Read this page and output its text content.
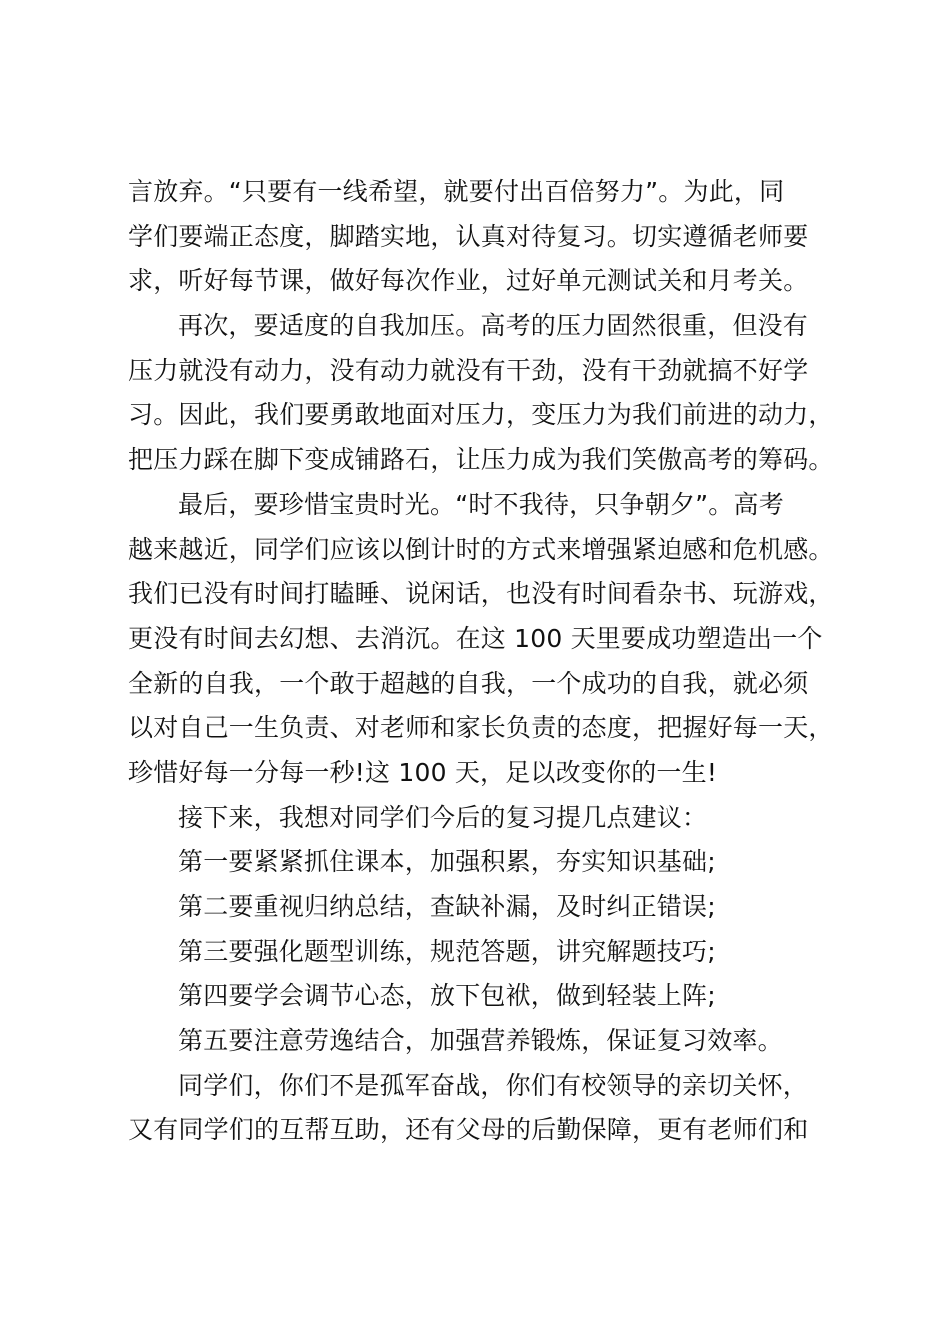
言放弃。“只要有一线希望，就要付出百倍努力”。为此，同
学们要端正态度，脚踏实地，认真对待复习。切实遵循老师要
求，听好每节课，做好每次作业，过好单元测试关和月考关。
再次，要适度的自我加压。高考的压力固然很重，但没有
压力就没有动力，没有动力就没有干劲，没有干劲就搞不好学
习。因此，我们要勇敢地面对压力，变压力为我们前进的动力，
把压力踩在脚下变成铺路石，让压力成为我们笑傲高考的筹码。
最后，要珍惜宝贵时光。“时不我待，只争朝夕”。高考
越来越近，同学们应该以倒计时的方式来增强紧迫感和危机感。
我们已没有时间打瞌睡、说闲话，也没有时间看杂书、玩游戏，
更没有时间去幻想、去消沉。在这 100 天里要成功塑造出一个
全新的自我，一个敢于超越的自我，一个成功的自我，就必须
以对自己一生负责、对老师和家长负责的态度，把握好每一天，
珍惜好每一分每一秒!这 100 天，足以改变你的一生!
接下来，我想对同学们今后的复习提几点建议：
第一要紧紧抓住课本，加强积累，夯实知识基础;
第二要重视归纳总结，查缺补漏，及时纠正错误;
第三要强化题型训练，规范答题，讲究解题技巧;
第四要学会调节心态，放下包袱，做到轻装上阵;
第五要注意劳逸结合，加强营养锻炼，保证复习效率。
同学们，你们不是孤军奋战，你们有校领导的亲切关怀，
又有同学们的互帮互助，还有父母的后勤保障，更有老师们和
